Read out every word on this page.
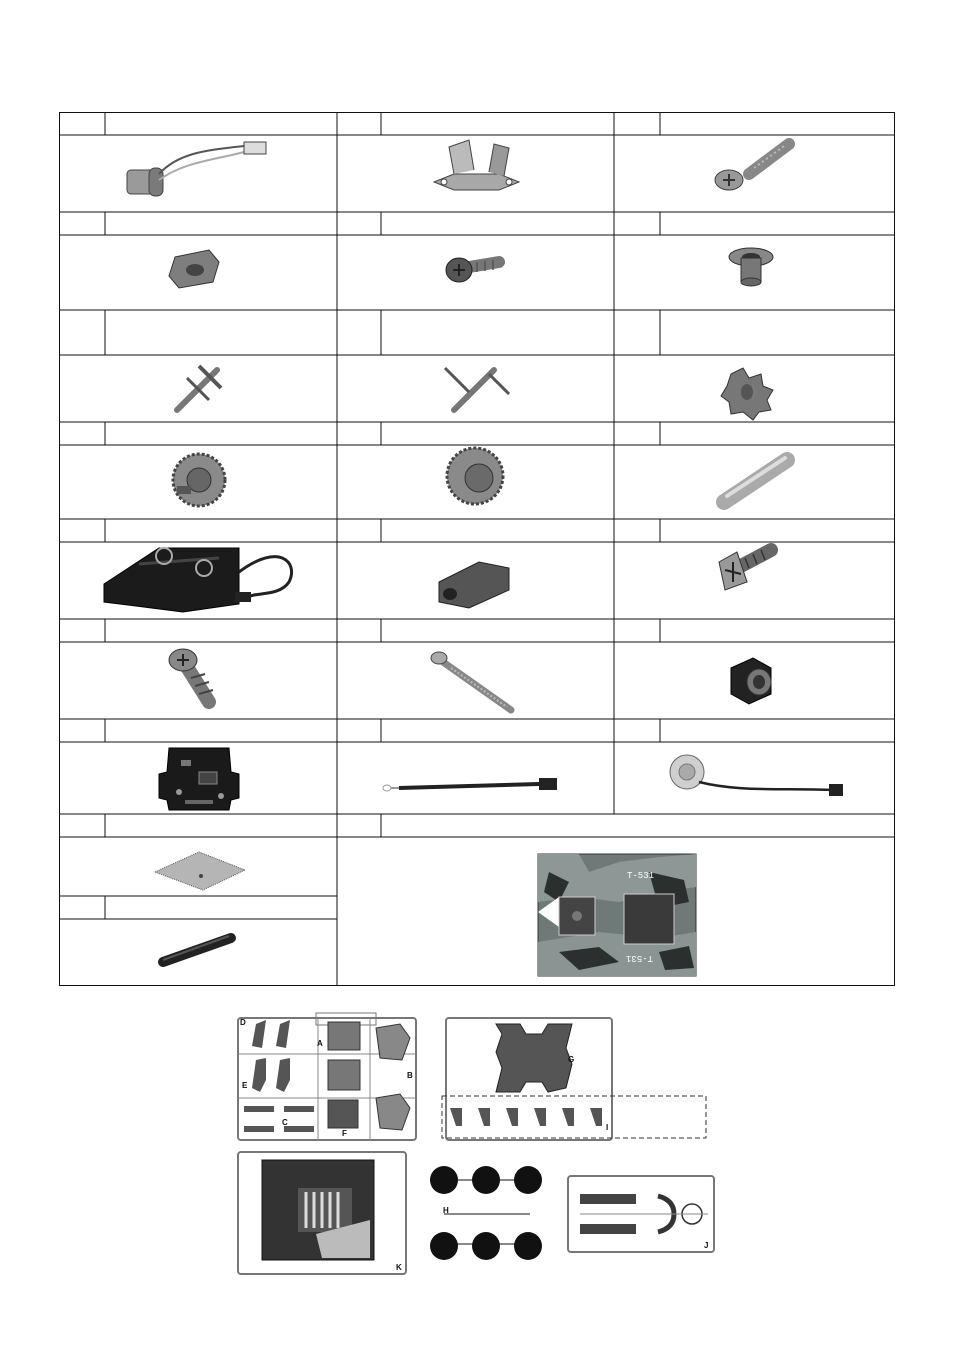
T-531
T-531
D
A
B
E
C
F
G
I
K
H
J
